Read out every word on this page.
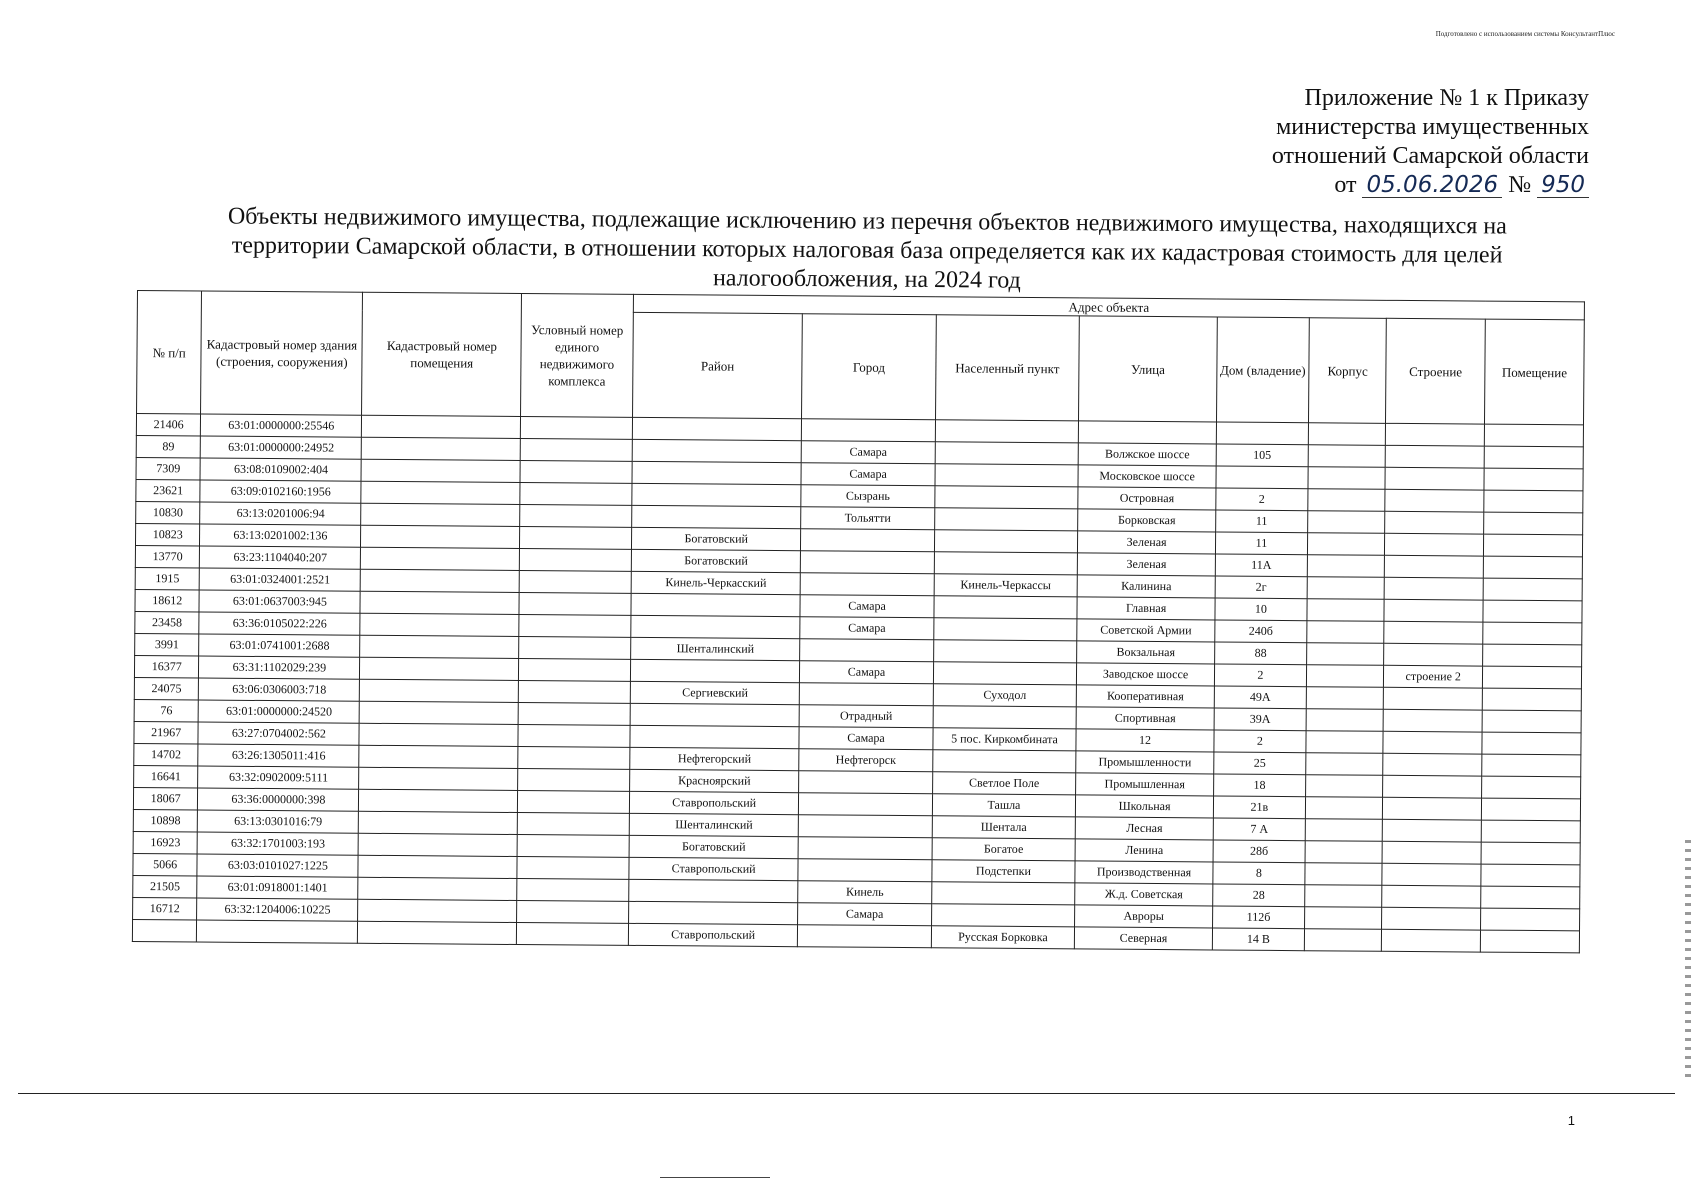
Подготовлено с использованием системы КонсультантПлюс
Приложение № 1 к Приказу
министерства имущественных
отношений Самарской области
от 05.06.2026 № 950
Объекты недвижимого имущества, подлежащие исключению из перечня объектов недвижимого имущества, находящихся на территории Самарской области, в отношении которых налоговая база определяется как их кадастровая стоимость для целей налогообложения, на 2024 год
№ п/п	Кадастровый номер здания (строения, сооружения)	Кадастровый номер помещения	Условный номер единого недвижимого комплекса	Адрес объекта							
				Район	Город	Населенный пункт	Улица	Дом (владение)	Корпус	Строение	Помещение
21406	63:01:0000000:25546										
89	63:01:0000000:24952				Самара		Волжское шоссе	105			
7309	63:08:0109002:404				Самара		Московское шоссе				
23621	63:09:0102160:1956				Сызрань		Островная	2			
10830	63:13:0201006:94				Тольятти		Борковская	11			
10823	63:13:0201002:136			Богатовский			Зеленая	11			
13770	63:23:1104040:207			Богатовский			Зеленая	11А			
1915	63:01:0324001:2521			Кинель-Черкасский		Кинель-Черкассы	Калинина	2г			
18612	63:01:0637003:945				Самара		Главная	10			
23458	63:36:0105022:226				Самара		Советской Армии	240б			
3991	63:01:0741001:2688			Шенталинский			Вокзальная	88			
16377	63:31:1102029:239				Самара		Заводское шоссе	2		строение 2	
24075	63:06:0306003:718			Сергиевский		Суходол	Кооперативная	49А			
76	63:01:0000000:24520				Отрадный		Спортивная	39А			
21967	63:27:0704002:562				Самара	5 пос. Киркомбината	12	2			
14702	63:26:1305011:416			Нефтегорский	Нефтегорск		Промышленности	25			
16641	63:32:0902009:5111			Красноярский		Светлое Поле	Промышленная	18			
18067	63:36:0000000:398			Ставропольский		Ташла	Школьная	21в			
10898	63:13:0301016:79			Шенталинский		Шентала	Лесная	7 А			
16923	63:32:1701003:193			Богатовский		Богатое	Ленина	28б			
5066	63:03:0101027:1225			Ставропольский		Подстепки	Производственная	8			
21505	63:01:0918001:1401				Кинель		Ж.д. Советская	28			
16712	63:32:1204006:10225				Самара		Авроры	112б			
				Ставропольский		Русская Борковка	Северная	14 В			
1
